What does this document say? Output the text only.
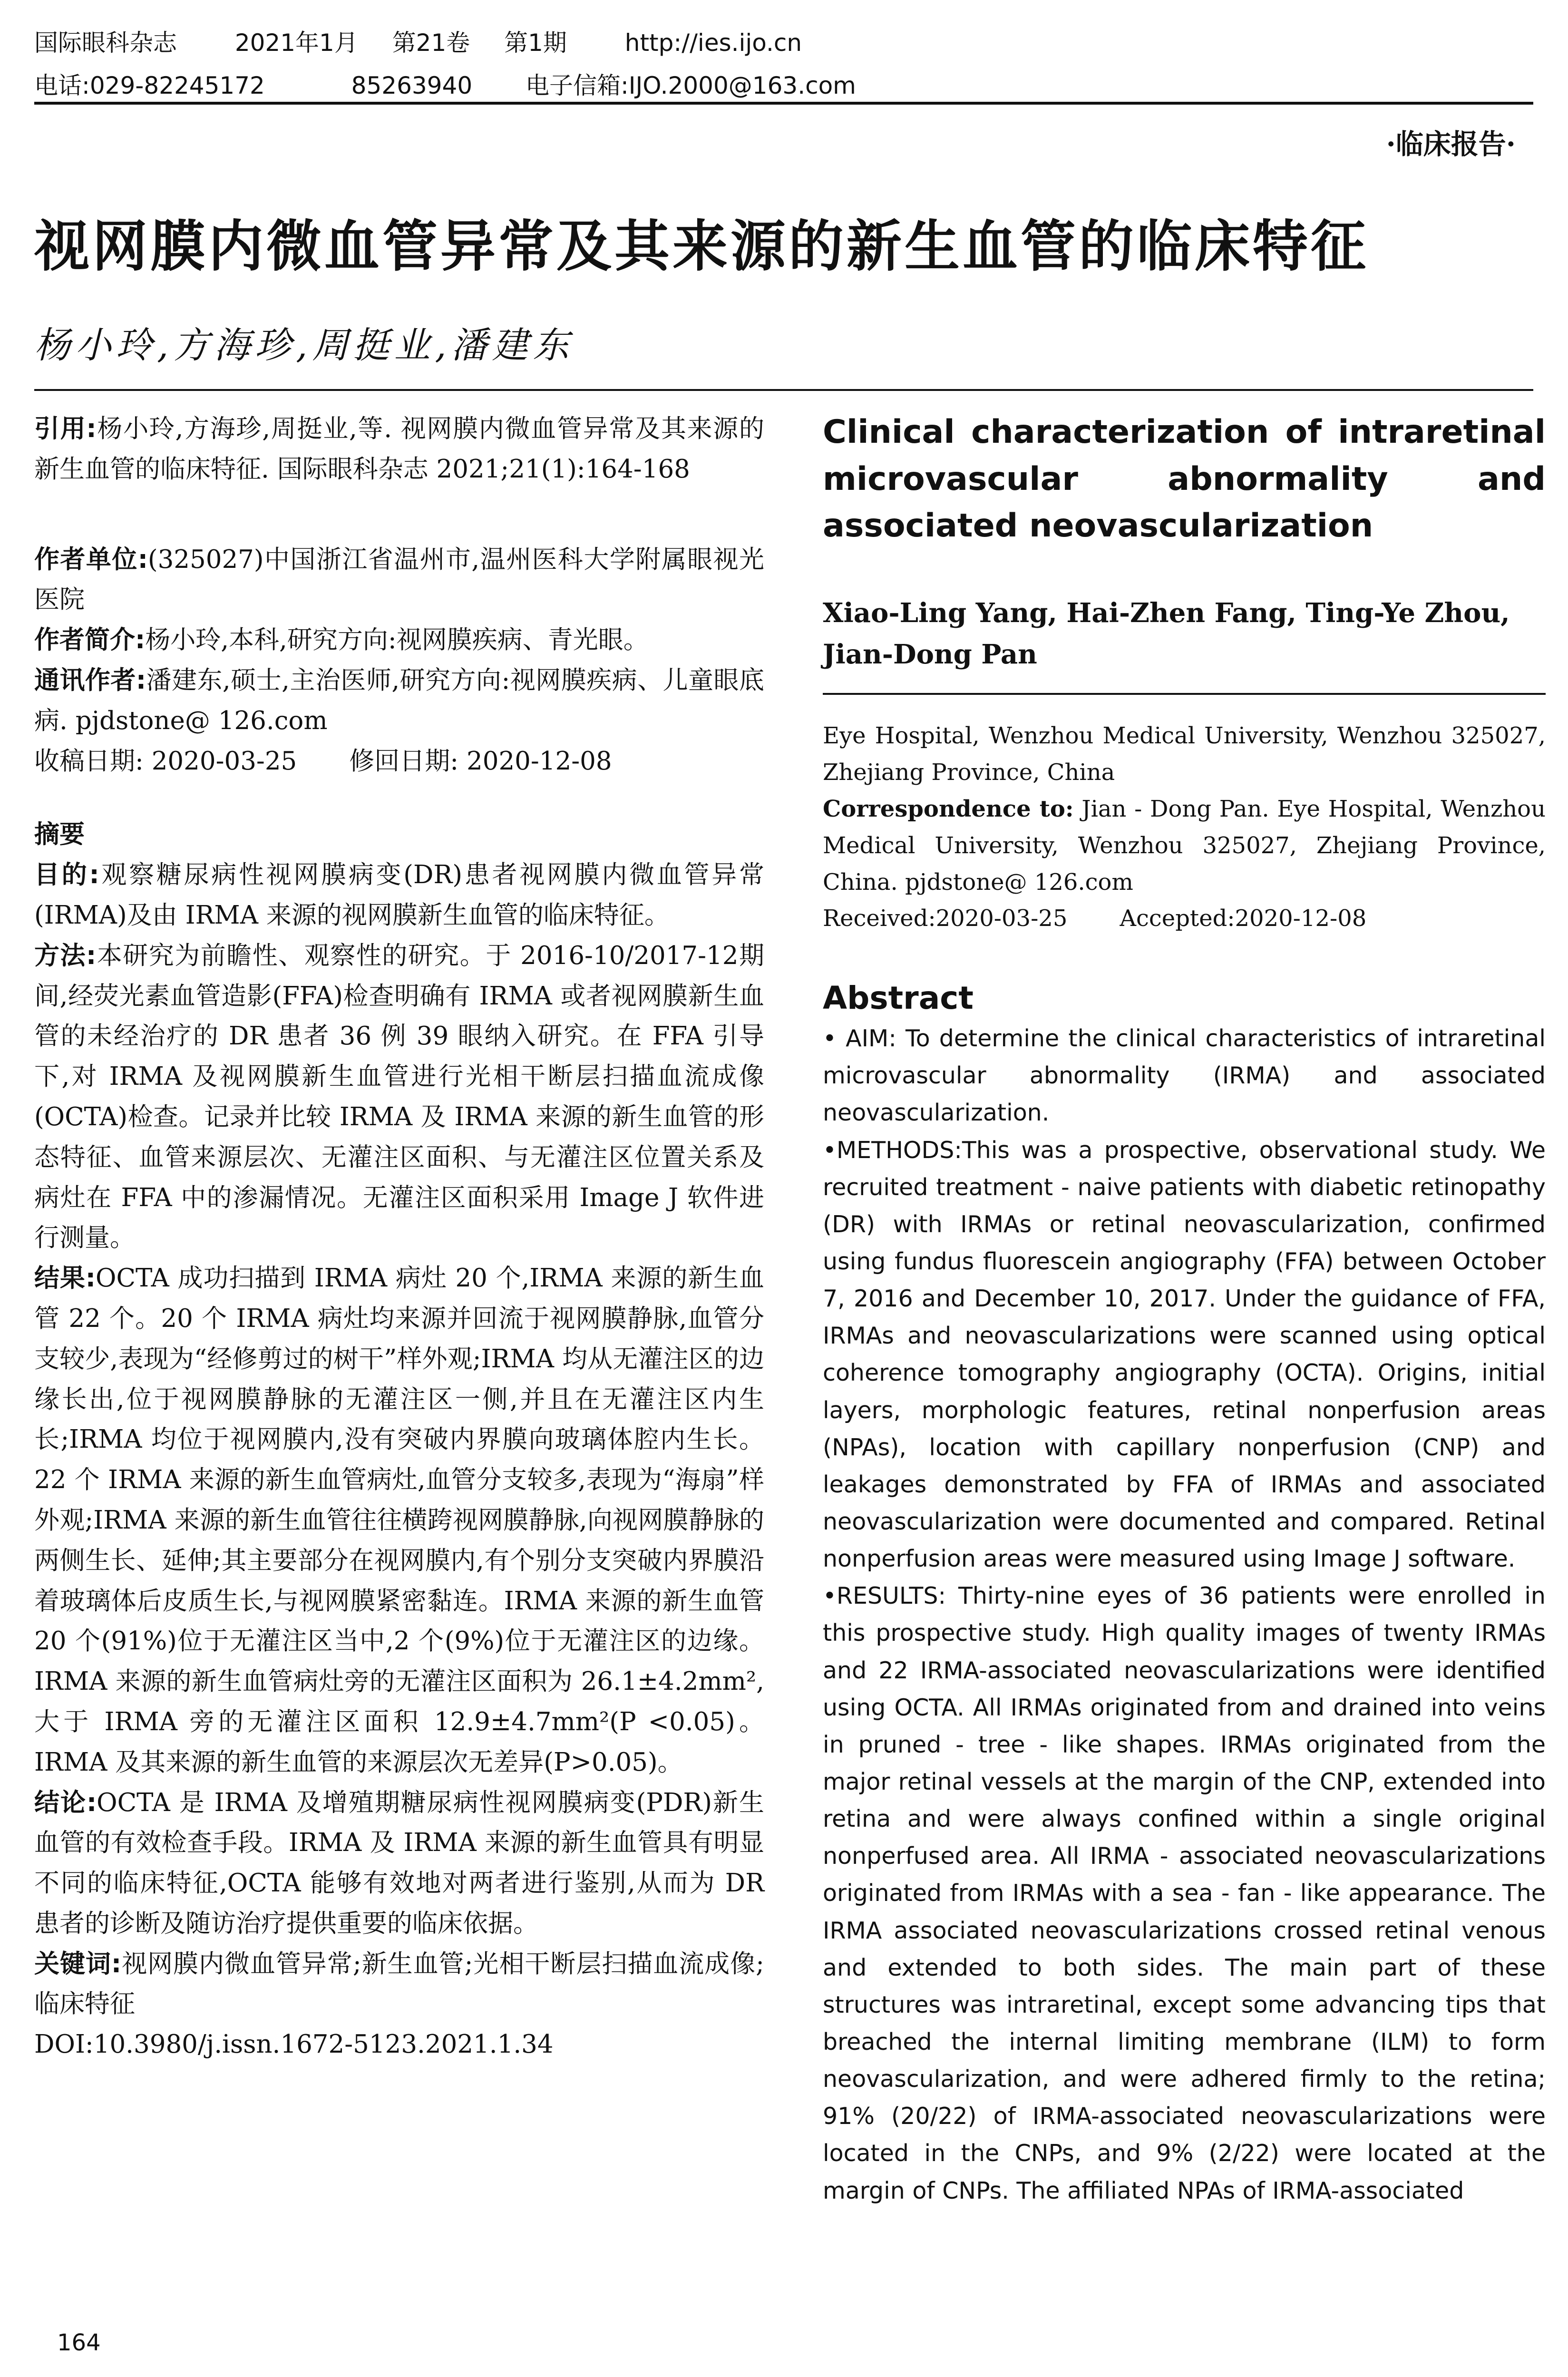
国际眼科杂志 2021年1月 第21卷 第1期 http://ies.ijo.cn
电话:029-82245172	85263940 电子信箱:IJO.2000@163.com
·临床报告·
视网膜内微血管异常及其来源的新生血管的临床特征
杨小玲,方海珍,周挺业,潘建东

引用:杨小玲,方海珍,周挺业,等. 视网膜内微血管异常及其来源的新生血管的临床特征. 国际眼科杂志 2021;21(1):164-168

作者单位:(325027)中国浙江省温州市,温州医科大学附属眼视光医院

作者简介:杨小玲,本科,研究方向:视网膜疾病、青光眼。

通讯作者:潘建东,硕士,主治医师,研究方向:视网膜疾病、儿童眼底病. pjdstone@ 126.com

收稿日期: 2020-03-25 修回日期: 2020-12-08

摘要

目的:观察糖尿病性视网膜病变(DR)患者视网膜内微血管异常(IRMA)及由 IRMA 来源的视网膜新生血管的临床特征。

方法:本研究为前瞻性、观察性的研究。于 2016-10/2017-12期间,经荧光素血管造影(FFA)检查明确有 IRMA 或者视网膜新生血管的未经治疗的 DR 患者 36 例 39 眼纳入研究。在 FFA 引导下,对 IRMA 及视网膜新生血管进行光相干断层扫描血流成像(OCTA)检查。记录并比较 IRMA 及 IRMA 来源的新生血管的形态特征、血管来源层次、无灌注区面积、与无灌注区位置关系及病灶在 FFA 中的渗漏情况。无灌注区面积采用 Image J 软件进行测量。

结果:OCTA 成功扫描到 IRMA 病灶 20 个,IRMA 来源的新生血管 22 个。20 个 IRMA 病灶均来源并回流于视网膜静脉,血管分支较少,表现为“经修剪过的树干”样外观;IRMA 均从无灌注区的边缘长出,位于视网膜静脉的无灌注区一侧,并且在无灌注区内生长;IRMA 均位于视网膜内,没有突破内界膜向玻璃体腔内生长。22 个 IRMA 来源的新生血管病灶,血管分支较多,表现为“海扇”样外观;IRMA 来源的新生血管往往横跨视网膜静脉,向视网膜静脉的两侧生长、延伸;其主要部分在视网膜内,有个别分支突破内界膜沿着玻璃体后皮质生长,与视网膜紧密黏连。IRMA 来源的新生血管 20 个(91%)位于无灌注区当中,2 个(9%)位于无灌注区的边缘。IRMA 来源的新生血管病灶旁的无灌注区面积为 26.1±4.2mm²,大于 IRMA 旁的无灌注区面积 12.9±4.7mm²(P <0.05)。IRMA 及其来源的新生血管的来源层次无差异(P>0.05)。

结论:OCTA 是 IRMA 及增殖期糖尿病性视网膜病变(PDR)新生血管的有效检查手段。IRMA 及 IRMA 来源的新生血管具有明显不同的临床特征,OCTA 能够有效地对两者进行鉴别,从而为 DR 患者的诊断及随访治疗提供重要的临床依据。

关键词:视网膜内微血管异常;新生血管;光相干断层扫描血流成像;临床特征

DOI:10.3980/j.issn.1672-5123.2021.1.34

Clinical characterization of intraretinal microvascular abnormality and associated neovascularization

Xiao-Ling Yang, Hai-Zhen Fang, Ting-Ye Zhou, Jian-Dong Pan

Eye Hospital, Wenzhou Medical University, Wenzhou 325027, Zhejiang Province, China

Correspondence to: Jian - Dong Pan. Eye Hospital, Wenzhou Medical University, Wenzhou 325027, Zhejiang Province, China. pjdstone@ 126.com

Received:2020-03-25 Accepted:2020-12-08

Abstract

• AIM: To determine the clinical characteristics of intraretinal microvascular abnormality (IRMA) and associated neovascularization.

•METHODS:This was a prospective, observational study. We recruited treatment - naive patients with diabetic retinopathy (DR) with IRMAs or retinal neovascularization, confirmed using fundus fluorescein angiography (FFA) between October 7, 2016 and December 10, 2017. Under the guidance of FFA, IRMAs and neovascularizations were scanned using optical coherence tomography angiography (OCTA). Origins, initial layers, morphologic features, retinal nonperfusion areas (NPAs), location with capillary nonperfusion (CNP) and leakages demonstrated by FFA of IRMAs and associated neovascularization were documented and compared. Retinal nonperfusion areas were measured using Image J software.

•RESULTS: Thirty-nine eyes of 36 patients were enrolled in this prospective study. High quality images of twenty IRMAs and 22 IRMA-associated neovascularizations were identified using OCTA. All IRMAs originated from and drained into veins in pruned - tree - like shapes. IRMAs originated from the major retinal vessels at the margin of the CNP, extended into retina and were always confined within a single original nonperfused area. All IRMA - associated neovascularizations originated from IRMAs with a sea - fan - like appearance. The IRMA associated neovascularizations crossed retinal venous and extended to both sides. The main part of these structures was intraretinal, except some advancing tips that breached the internal limiting membrane (ILM) to form neovascularization, and were adhered firmly to the retina; 91% (20/22) of IRMA-associated neovascularizations were located in the CNPs, and 9% (2/22) were located at the margin of CNPs. The affiliated NPAs of IRMA-associated

164
